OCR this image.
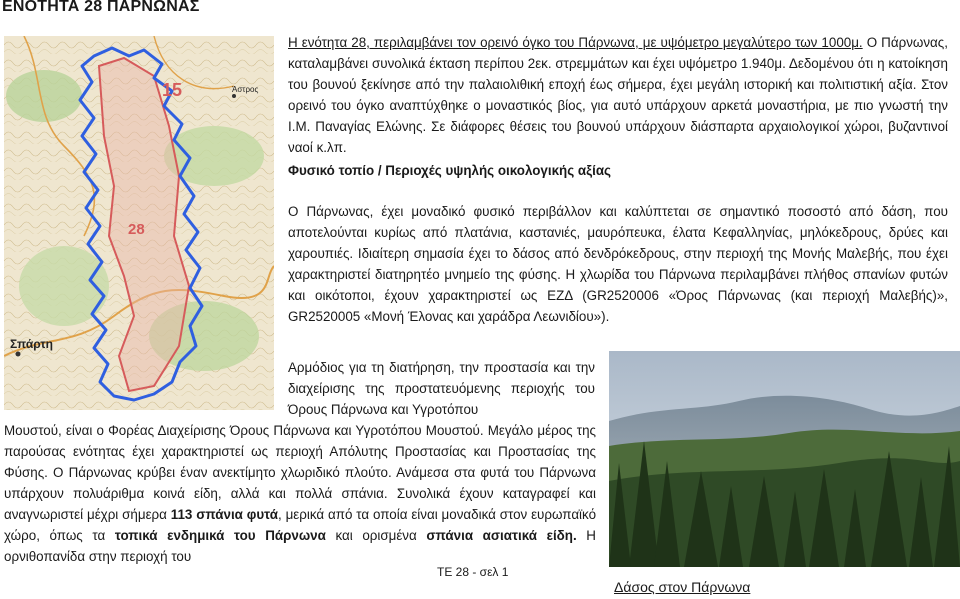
ΕΝΟΤΗΤΑ 28 ΠΑΡΝΩΝΑΣ
15
28
Σπάρτη
Άστρος
Η ενότητα 28, περιλαμβάνει τον ορεινό όγκο του Πάρνωνα, με υψόμετρο μεγαλύτερο των 1000μ. Ο Πάρνωνας, καταλαμβάνει συνολικά έκταση περίπου 2εκ. στρεμμάτων και έχει υψόμετρο 1.940μ. Δεδομένου ότι η κατοίκηση του βουνού ξεκίνησε από την παλαιολιθική εποχή έως σήμερα, έχει μεγάλη ιστορική και πολιτιστική αξία. Στον ορεινό του όγκο αναπτύχθηκε ο μοναστικός βίος, για αυτό υπάρχουν αρκετά μοναστήρια, με πιο γνωστή την Ι.Μ. Παναγίας Ελώνης. Σε διάφορες θέσεις του βουνού υπάρχουν διάσπαρτα αρχαιολογικοί χώροι, βυζαντινοί ναοί κ.λπ.
Φυσικό τοπίο / Περιοχές υψηλής οικολογικής αξίας
Ο Πάρνωνας, έχει μοναδικό φυσικό περιβάλλον και καλύπτεται σε σημαντικό ποσοστό από δάση, που αποτελούνται κυρίως από πλατάνια, καστανιές, μαυρόπευκα, έλατα Κεφαλληνίας, μηλόκεδρους, δρύες και χαρουπιές. Ιδιαίτερη σημασία έχει το δάσος από δενδρόκεδρους, στην περιοχή της Μονής Μαλεβής, που έχει χαρακτηριστεί διατηρητέο μνημείο της φύσης. Η χλωρίδα του Πάρνωνα περιλαμβάνει πλήθος σπανίων φυτών και οικότοποι, έχουν χαρακτηριστεί ως ΕΖΔ (GR2520006 «Όρος Πάρνωνας (και περιοχή Μαλεβής)», GR2520005 «Μονή Έλονας και χαράδρα Λεωνιδίου»).
Αρμόδιος για τη διατήρηση, την προστασία και την διαχείρισης της προστατευόμενης περιοχής του Όρους Πάρνωνα και Υγροτόπου
Μουστού, είναι ο Φορέας Διαχείρισης Όρους Πάρνωνα και Υγροτόπου Μουστού. Μεγάλο μέρος της παρούσας ενότητας έχει χαρακτηριστεί ως περιοχή Απόλυτης Προστασίας και Προστασίας της Φύσης. Ο Πάρνωνας κρύβει έναν ανεκτίμητο χλωριδικό πλούτο. Ανάμεσα στα φυτά του Πάρνωνα υπάρχουν πολυάριθμα κοινά είδη, αλλά και πολλά σπάνια. Συνολικά έχουν καταγραφεί και αναγνωριστεί μέχρι σήμερα 113 σπάνια φυτά, μερικά από τα οποία είναι μοναδικά στον ευρωπαϊκό χώρο, όπως τα τοπικά ενδημικά του Πάρνωνα και ορισμένα σπάνια ασιατικά είδη. Η ορνιθοπανίδα στην περιοχή του
Δάσος στον Πάρνωνα
ΤΕ 28 - σελ 1
